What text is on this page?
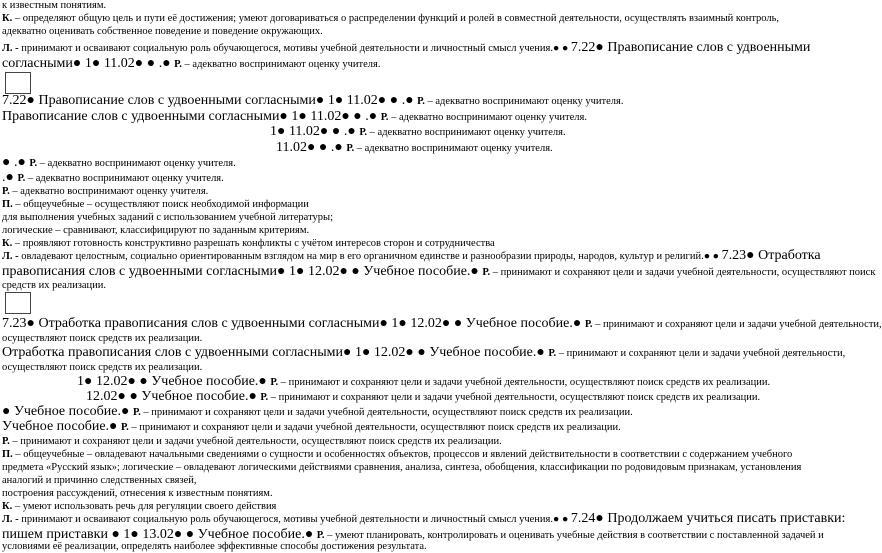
к известным понятиям.
К. – определяют общую цель и пути её достижения; умеют договариваться о распределении функций и ролей в совместной деятельности, осуществлять взаимный контроль,
адекватно оценивать собственное поведение и поведение окружающих.
Л. - принимают и осваивают социальную роль обучающегося, мотивы учебной деятельности и личностный смысл учения.● ● 7.22● Правописание слов с удвоенными
согласными● 1● 11.02● ● .● Р. – адекватно воспринимают оценку учителя.
7.22● Правописание слов с удвоенными согласными● 1● 11.02● ● .● Р. – адекватно воспринимают оценку учителя.
Правописание слов с удвоенными согласными● 1● 11.02● ● .● Р. – адекватно воспринимают оценку учителя.
1● 11.02● ● .● Р. – адекватно воспринимают оценку учителя.
11.02● ● .● Р. – адекватно воспринимают оценку учителя.
● .● Р. – адекватно воспринимают оценку учителя.
.● Р. – адекватно воспринимают оценку учителя.
Р. – адекватно воспринимают оценку учителя.
П. – общеучебные – осуществляют поиск необходимой информации
для выполнения учебных заданий с использованием учебной литературы;
логические – сравнивают, классифицируют по заданным критериям.
К. – проявляют готовность конструктивно разрешать конфликты с учётом интересов сторон и сотрудничества
Л. - овладевают целостным, социально ориентированным взглядом на мир в его органичном единстве и разнообразии природы, народов, культур и религий.● ● 7.23● Отработка
правописания слов с удвоенными согласными● 1● 12.02● ● Учебное пособие.● Р. – принимают и сохраняют цели и задачи учебной деятельности, осуществляют поиск
средств их реализации.
7.23● Отработка правописания слов с удвоенными согласными● 1● 12.02● ● Учебное пособие.● Р. – принимают и сохраняют цели и задачи учебной деятельности,
осуществляют поиск средств их реализации.
Отработка правописания слов с удвоенными согласными● 1● 12.02● ● Учебное пособие.● Р. – принимают и сохраняют цели и задачи учебной деятельности,
осуществляют поиск средств их реализации.
1● 12.02● ● Учебное пособие.● Р. – принимают и сохраняют цели и задачи учебной деятельности, осуществляют поиск средств их реализации.
12.02● ● Учебное пособие.● Р. – принимают и сохраняют цели и задачи учебной деятельности, осуществляют поиск средств их реализации.
● Учебное пособие.● Р. – принимают и сохраняют цели и задачи учебной деятельности, осуществляют поиск средств их реализации.
Учебное пособие.● Р. – принимают и сохраняют цели и задачи учебной деятельности, осуществляют поиск средств их реализации.
Р. – принимают и сохраняют цели и задачи учебной деятельности, осуществляют поиск средств их реализации.
П. – общеучебные – овладевают начальными сведениями о сущности и особенностях объектов, процессов и явлений действительности в соответствии с содержанием учебного
предмета «Русский язык»; логические – овладевают логическими действиями сравнения, анализа, синтеза, обобщения, классификации по родовидовым признакам, установления
аналогий и причинно следственных связей,
построения рассуждений, отнесения к известным понятиям.
К. – умеют использовать речь для регуляции своего действия
Л. - принимают и осваивают социальную роль обучающегося, мотивы учебной деятельности и личностный смысл учения.● ● 7.24● Продолжаем учиться писать приставки:
пишем приставки ● 1● 13.02● ● Учебное пособие.● Р. – умеют планировать, контролировать и оценивать учебные действия в соответствии с поставленной задачей и
условиями её реализации, определять наиболее эффективные способы достижения результата.
